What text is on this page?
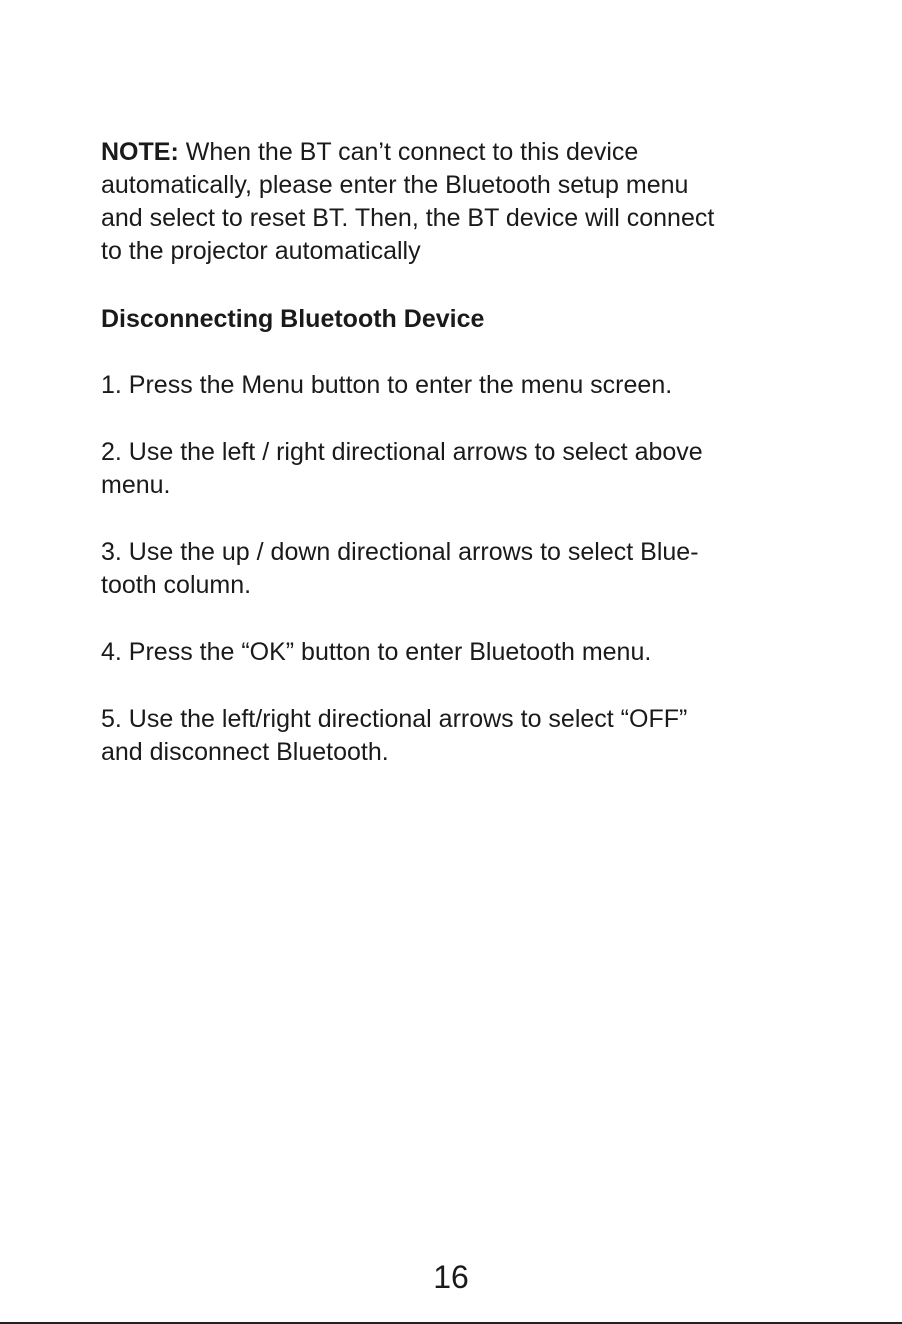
NOTE: When the BT can’t connect to this device
automatically, please enter the Bluetooth setup menu
and select to reset BT. Then, the BT device will connect
to the projector automatically

Disconnecting Bluetooth Device
1. Press the Menu button to enter the menu screen.
2. Use the left / right directional arrows to select above
menu.
3. Use the up / down directional arrows to select Blue-
tooth column.
4. Press the “OK” button to enter Bluetooth menu.
5. Use the left/right directional arrows to select “OFF”
and disconnect Bluetooth.
16
